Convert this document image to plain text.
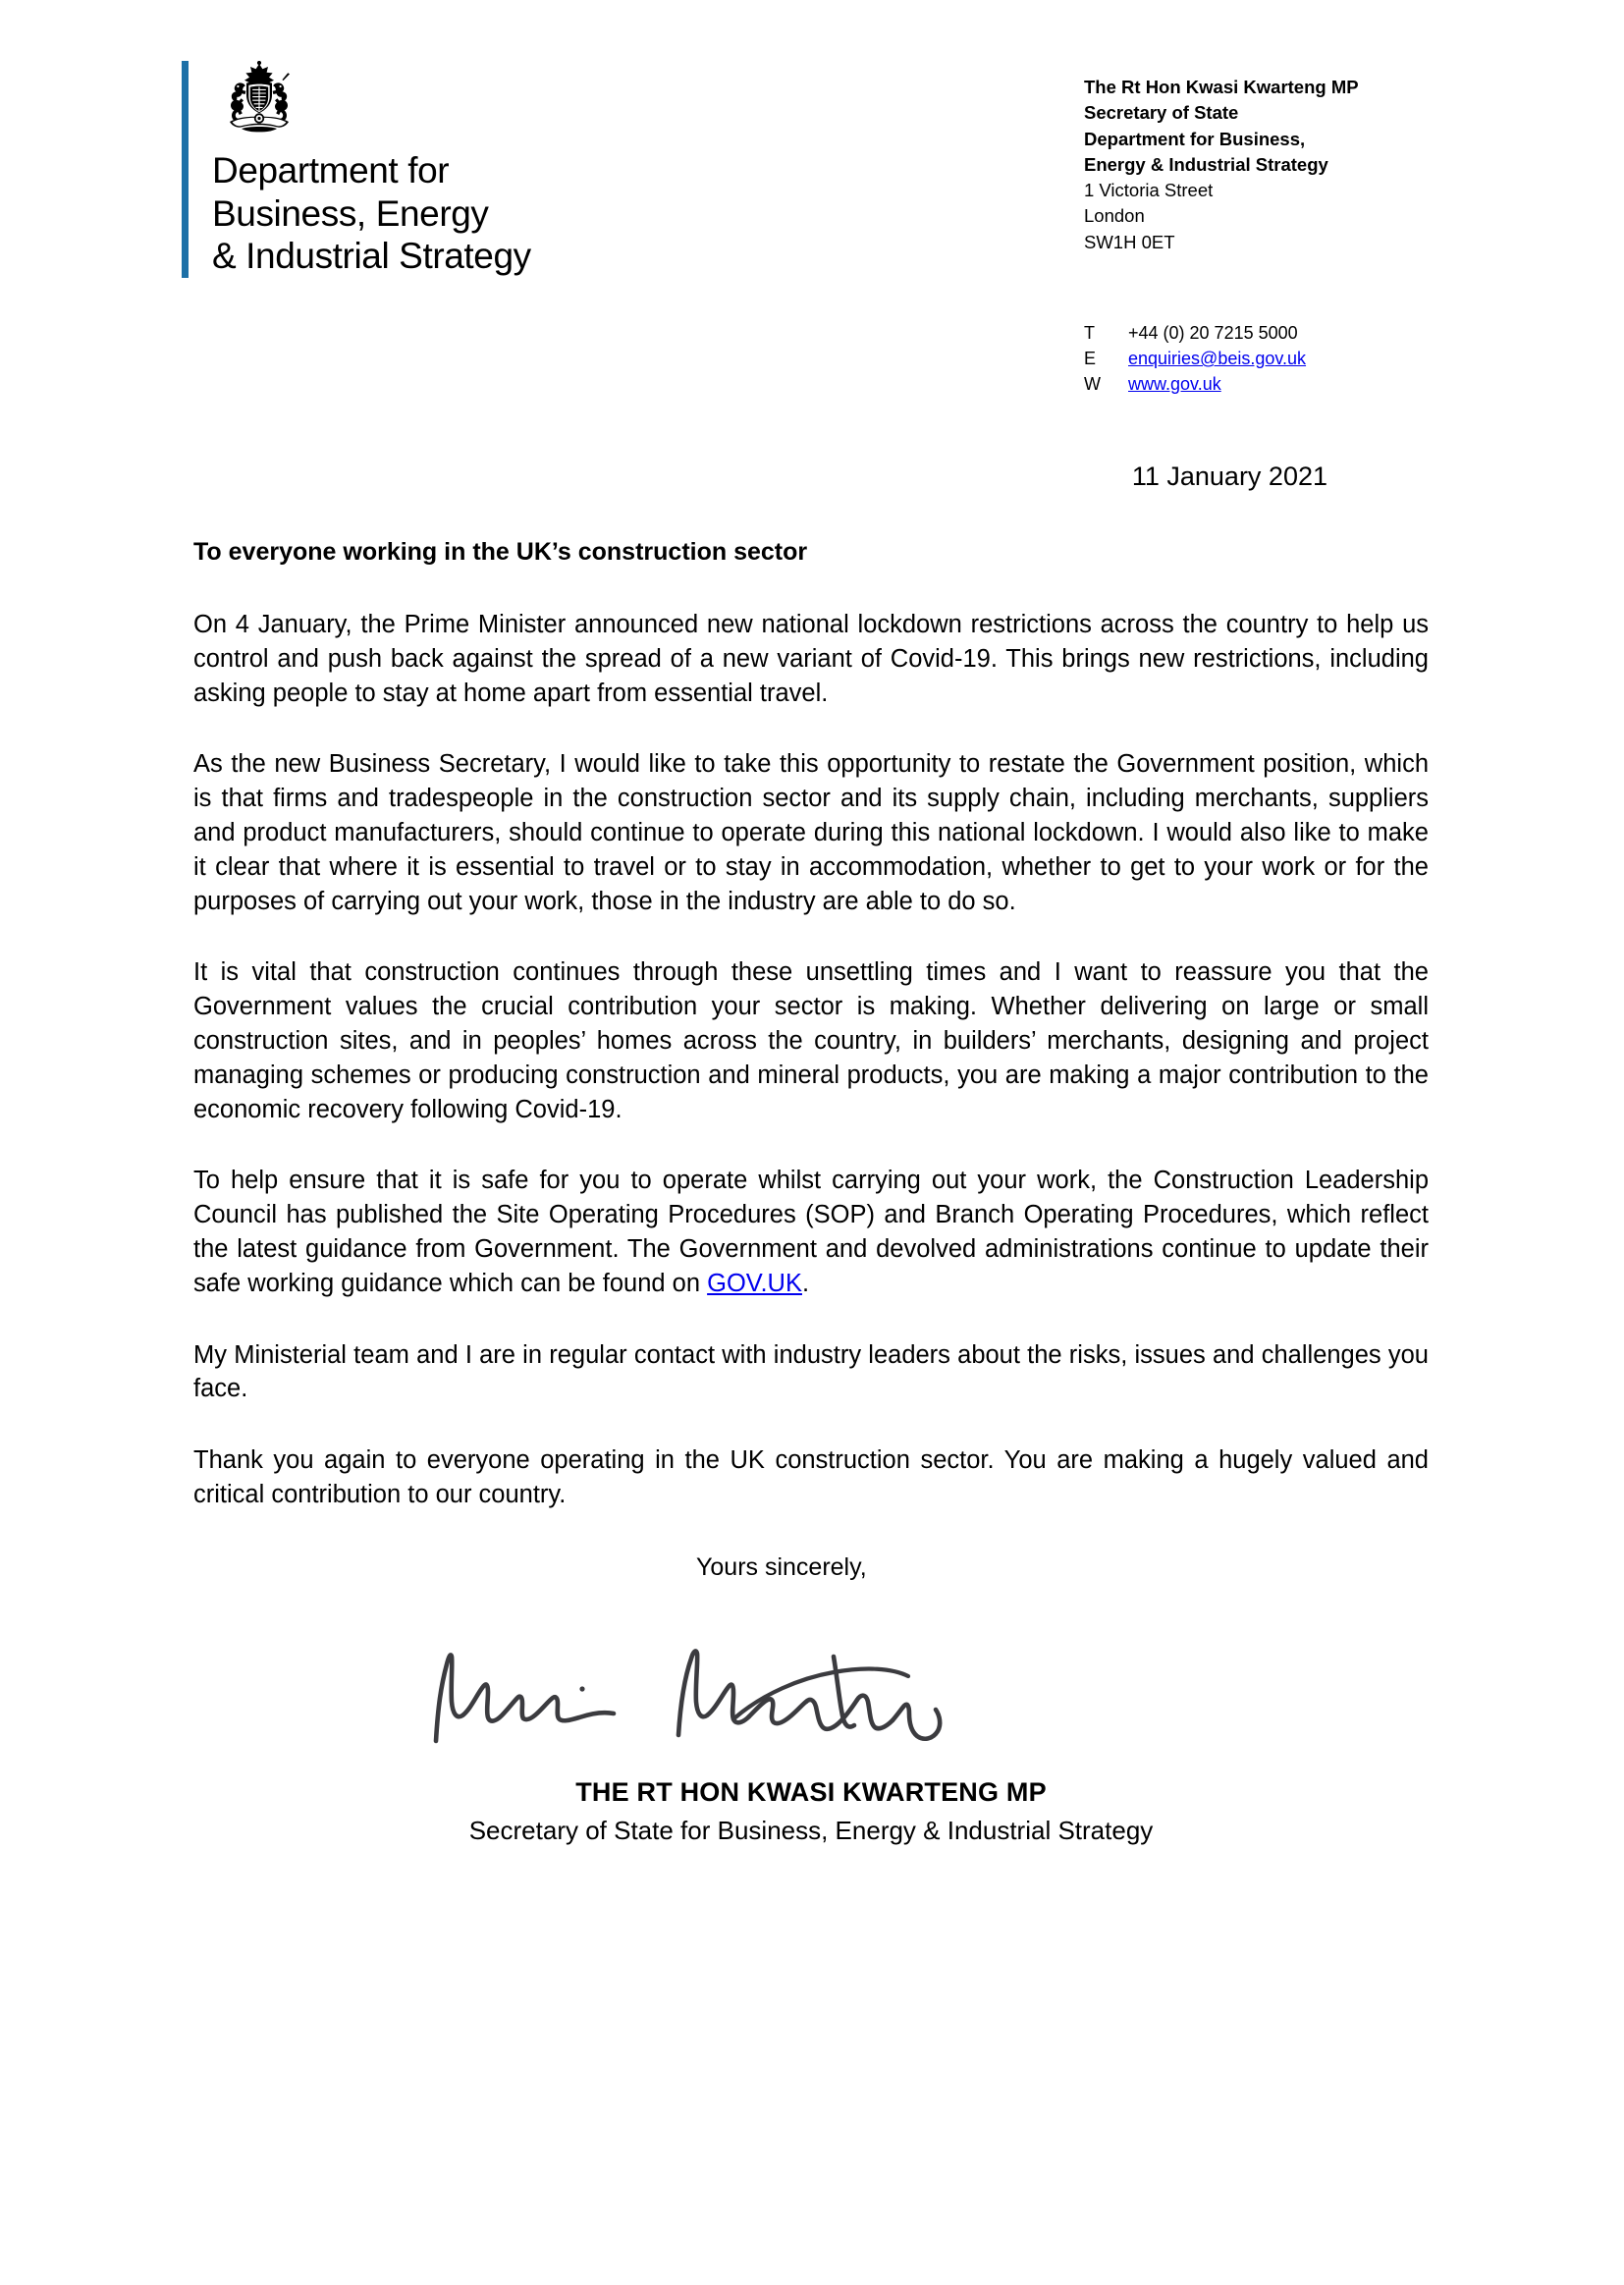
Department for
Business, Energy
& Industrial Strategy
The Rt Hon Kwasi Kwarteng MP
Secretary of State
Department for Business,
Energy & Industrial Strategy
1 Victoria Street
London
SW1H 0ET
T	+44 (0) 20 7215 5000
E	enquiries@beis.gov.uk
W	www.gov.uk
11 January 2021
To everyone working in the UK’s construction sector

On 4 January, the Prime Minister announced new national lockdown restrictions across the country to help us control and push back against the spread of a new variant of Covid-19. This brings new restrictions, including asking people to stay at home apart from essential travel.

As the new Business Secretary, I would like to take this opportunity to restate the Government position, which is that firms and tradespeople in the construction sector and its supply chain, including merchants, suppliers and product manufacturers, should continue to operate during this national lockdown. I would also like to make it clear that where it is essential to travel or to stay in accommodation, whether to get to your work or for the purposes of carrying out your work, those in the industry are able to do so.

It is vital that construction continues through these unsettling times and I want to reassure you that the Government values the crucial contribution your sector is making. Whether delivering on large or small construction sites, and in peoples’ homes across the country, in builders’ merchants, designing and project managing schemes or producing construction and mineral products, you are making a major contribution to the economic recovery following Covid-19.

To help ensure that it is safe for you to operate whilst carrying out your work, the Construction Leadership Council has published the Site Operating Procedures (SOP) and Branch Operating Procedures, which reflect the latest guidance from Government. The Government and devolved administrations continue to update their safe working guidance which can be found on GOV.UK.

My Ministerial team and I are in regular contact with industry leaders about the risks, issues and challenges you face.

Thank you again to everyone operating in the UK construction sector. You are making a hugely valued and critical contribution to our country.

Yours sincerely,
THE RT HON KWASI KWARTENG MP
Secretary of State for Business, Energy & Industrial Strategy
